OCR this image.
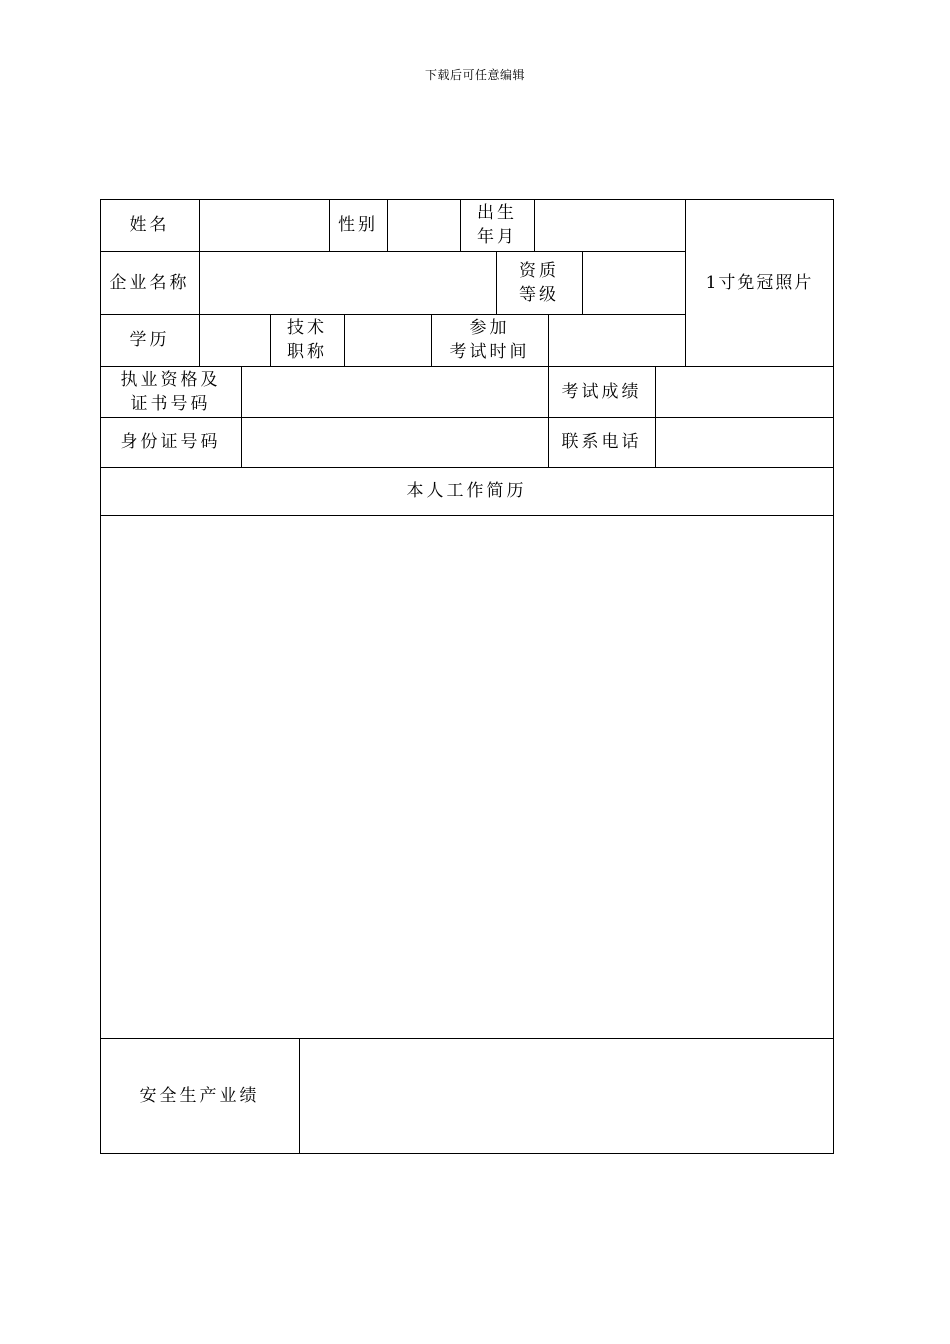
下载后可任意编辑
姓名	性别
出生
年月
1寸免冠照片
企业名称
资质
等级
学历
技术
职称
参加
考试时间
执业资格及
证书号码
考试成绩
身份证号码	联系电话
本人工作简历
安全生产业绩
